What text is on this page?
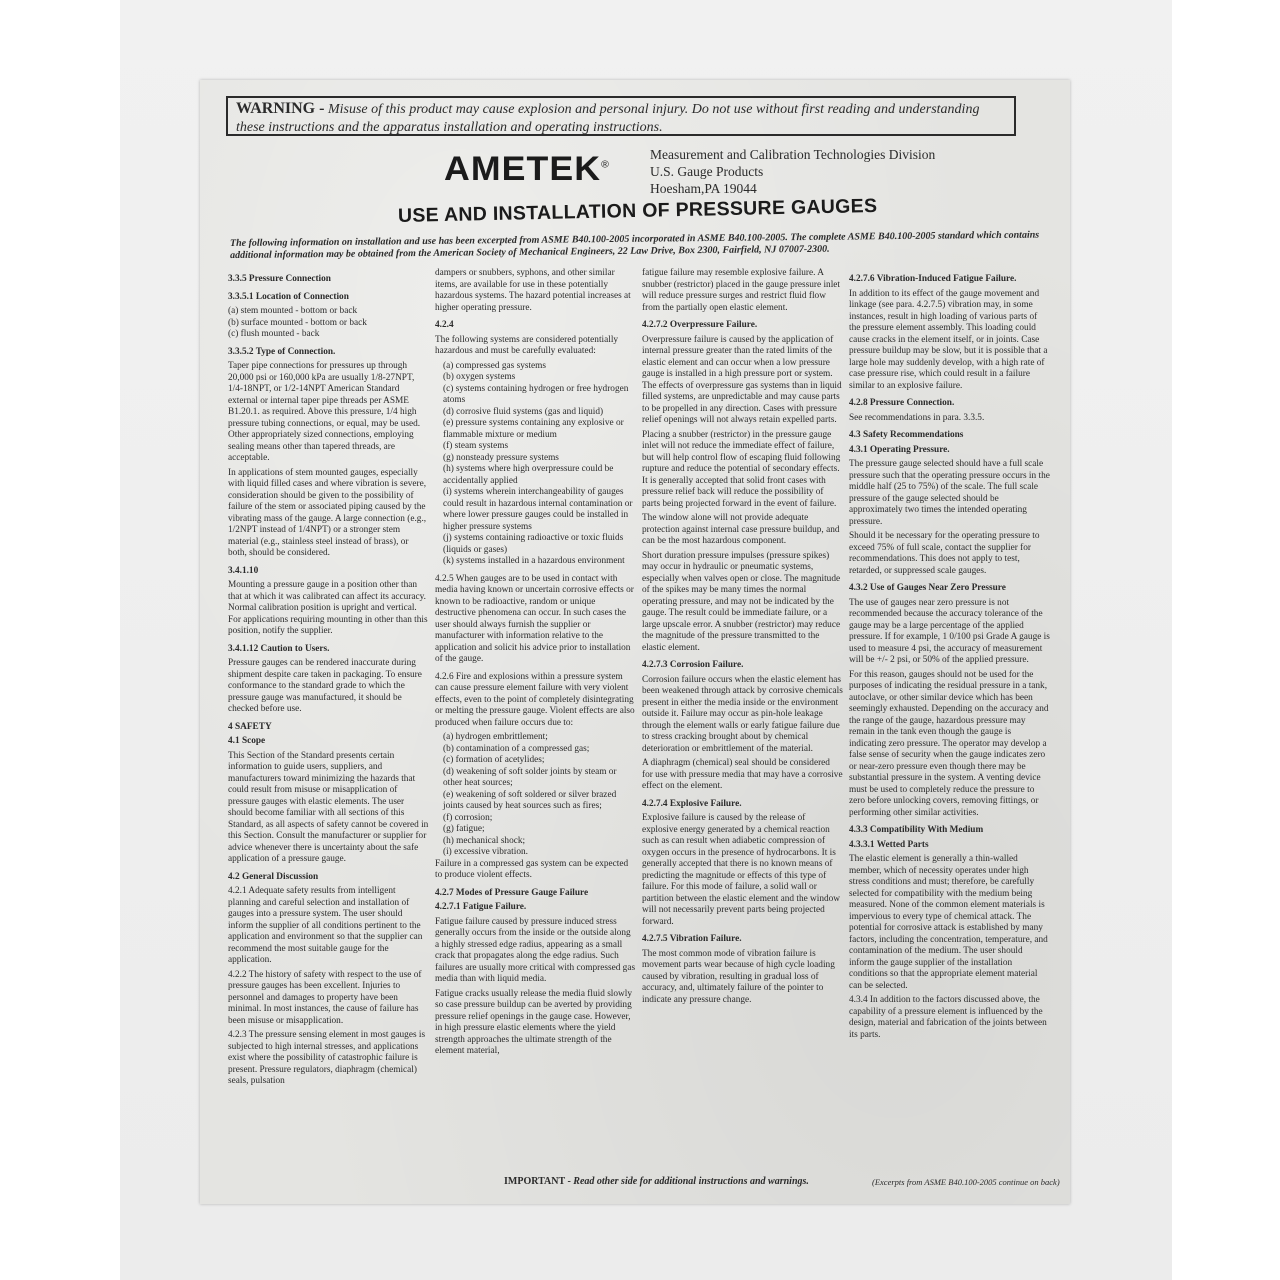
WARNING - Misuse of this product may cause explosion and personal injury. Do not use without first reading and understanding these instructions and the apparatus installation and operating instructions.
AMETEK®
Measurement and Calibration Technologies Division
U.S. Gauge Products
Hoesham,PA 19044
USE AND INSTALLATION OF PRESSURE GAUGES
The following information on installation and use has been excerpted from ASME B40.100-2005 incorporated in ASME B40.100-2005. The complete ASME B40.100-2005 standard which contains additional information may be obtained from the American Society of Mechanical Engineers, 22 Law Drive, Box 2300, Fairfield, NJ 07007-2300.

3.3.5 Pressure Connection

3.3.5.1 Location of Connection

(a) stem mounted - bottom or back

(b) surface mounted - bottom or back

(c) flush mounted - back

3.3.5.2 Type of Connection.

Taper pipe connections for pressures up through 20,000 psi or 160,000 kPa are usually 1/8-27NPT, 1/4-18NPT, or 1/2-14NPT American Standard external or internal taper pipe threads per ASME B1.20.1. as required. Above this pressure, 1/4 high pressure tubing connections, or equal, may be used. Other appropriately sized connections, employing sealing means other than tapered threads, are acceptable.

In applications of stem mounted gauges, especially with liquid filled cases and where vibration is severe, consideration should be given to the possibility of failure of the stem or associated piping caused by the vibrating mass of the gauge. A large connection (e.g., 1/2NPT instead of 1/4NPT) or a stronger stem material (e.g., stainless steel instead of brass), or both, should be considered.

3.4.1.10

Mounting a pressure gauge in a position other than that at which it was calibrated can affect its accuracy. Normal calibration position is upright and vertical. For applications requiring mounting in other than this position, notify the supplier.

3.4.1.12 Caution to Users.

Pressure gauges can be rendered inaccurate during shipment despite care taken in packaging. To ensure conformance to the standard grade to which the pressure gauge was manufactured, it should be checked before use.

4 SAFETY

4.1 Scope

This Section of the Standard presents certain information to guide users, suppliers, and manufacturers toward minimizing the hazards that could result from misuse or misapplication of pressure gauges with elastic elements. The user should become familiar with all sections of this Standard, as all aspects of safety cannot be covered in this Section. Consult the manufacturer or supplier for advice whenever there is uncertainty about the safe application of a pressure gauge.

4.2 General Discussion

4.2.1 Adequate safety results from intelligent planning and careful selection and installation of gauges into a pressure system. The user should inform the supplier of all conditions pertinent to the application and environment so that the supplier can recommend the most suitable gauge for the application.

4.2.2 The history of safety with respect to the use of pressure gauges has been excellent. Injuries to personnel and damages to property have been minimal. In most instances, the cause of failure has been misuse or misapplication.

4.2.3 The pressure sensing element in most gauges is subjected to high internal stresses, and applications exist where the possibility of catastrophic failure is present. Pressure regulators, diaphragm (chemical) seals, pulsation

dampers or snubbers, syphons, and other similar items, are available for use in these potentially hazardous systems. The hazard potential increases at higher operating pressure.

4.2.4

The following systems are considered potentially hazardous and must be carefully evaluated:

(a) compressed gas systems

(b) oxygen systems

(c) systems containing hydrogen or free hydrogen atoms

(d) corrosive fluid systems (gas and liquid)

(e) pressure systems containing any explosive or flammable mixture or medium

(f) steam systems

(g) nonsteady pressure systems

(h) systems where high overpressure could be accidentally applied

(i) systems wherein interchangeability of gauges could result in hazardous internal contamination or where lower pressure gauges could be installed in higher pressure systems

(j) systems containing radioactive or toxic fluids (liquids or gases)

(k) systems installed in a hazardous environment

4.2.5 When gauges are to be used in contact with media having known or uncertain corrosive effects or known to be radioactive, random or unique destructive phenomena can occur. In such cases the user should always furnish the supplier or manufacturer with information relative to the application and solicit his advice prior to installation of the gauge.

4.2.6 Fire and explosions within a pressure system can cause pressure element failure with very violent effects, even to the point of completely disintegrating or melting the pressure gauge. Violent effects are also produced when failure occurs due to:

(a) hydrogen embrittlement;

(b) contamination of a compressed gas;

(c) formation of acetylides;

(d) weakening of soft solder joints by steam or other heat sources;

(e) weakening of soft soldered or silver brazed joints caused by heat sources such as fires;

(f) corrosion;

(g) fatigue;

(h) mechanical shock;

(i) excessive vibration.

Failure in a compressed gas system can be expected to produce violent effects.

4.2.7 Modes of Pressure Gauge Failure

4.2.7.1 Fatigue Failure.

Fatigue failure caused by pressure induced stress generally occurs from the inside or the outside along a highly stressed edge radius, appearing as a small crack that propagates along the edge radius. Such failures are usually more critical with compressed gas media than with liquid media.

Fatigue cracks usually release the media fluid slowly so case pressure buildup can be averted by providing pressure relief openings in the gauge case. However, in high pressure elastic elements where the yield strength approaches the ultimate strength of the element material,

fatigue failure may resemble explosive failure. A snubber (restrictor) placed in the gauge pressure inlet will reduce pressure surges and restrict fluid flow from the partially open elastic element.

4.2.7.2 Overpressure Failure.

Overpressure failure is caused by the application of internal pressure greater than the rated limits of the elastic element and can occur when a low pressure gauge is installed in a high pressure port or system. The effects of overpressure gas systems than in liquid filled systems, are unpredictable and may cause parts to be propelled in any direction. Cases with pressure relief openings will not always retain expelled parts.

Placing a snubber (restrictor) in the pressure gauge inlet will not reduce the immediate effect of failure, but will help control flow of escaping fluid following rupture and reduce the potential of secondary effects. It is generally accepted that solid front cases with pressure relief back will reduce the possibility of parts being projected forward in the event of failure.

The window alone will not provide adequate protection against internal case pressure buildup, and can be the most hazardous component.

Short duration pressure impulses (pressure spikes) may occur in hydraulic or pneumatic systems, especially when valves open or close. The magnitude of the spikes may be many times the normal operating pressure, and may not be indicated by the gauge. The result could be immediate failure, or a large upscale error. A snubber (restrictor) may reduce the magnitude of the pressure transmitted to the elastic element.

4.2.7.3 Corrosion Failure.

Corrosion failure occurs when the elastic element has been weakened through attack by corrosive chemicals present in either the media inside or the environment outside it. Failure may occur as pin-hole leakage through the element walls or early fatigue failure due to stress cracking brought about by chemical deterioration or embrittlement of the material.

A diaphragm (chemical) seal should be considered for use with pressure media that may have a corrosive effect on the element.

4.2.7.4 Explosive Failure.

Explosive failure is caused by the release of explosive energy generated by a chemical reaction such as can result when adiabetic compression of oxygen occurs in the presence of hydrocarbons. It is generally accepted that there is no known means of predicting the magnitude or effects of this type of failure. For this mode of failure, a solid wall or partition between the elastic element and the window will not necessarily prevent parts being projected forward.

4.2.7.5 Vibration Failure.

The most common mode of vibration failure is movement parts wear because of high cycle loading caused by vibration, resulting in gradual loss of accuracy, and, ultimately failure of the pointer to indicate any pressure change.

4.2.7.6 Vibration-Induced Fatigue Failure.

In addition to its effect of the gauge movement and linkage (see para. 4.2.7.5) vibration may, in some instances, result in high loading of various parts of the pressure element assembly. This loading could cause cracks in the element itself, or in joints. Case pressure buildup may be slow, but it is possible that a large hole may suddenly develop, with a high rate of case pressure rise, which could result in a failure similar to an explosive failure.

4.2.8 Pressure Connection.

See recommendations in para. 3.3.5.

4.3 Safety Recommendations

4.3.1 Operating Pressure.

The pressure gauge selected should have a full scale pressure such that the operating pressure occurs in the middle half (25 to 75%) of the scale. The full scale pressure of the gauge selected should be approximately two times the intended operating pressure.

Should it be necessary for the operating pressure to exceed 75% of full scale, contact the supplier for recommendations. This does not apply to test, retarded, or suppressed scale gauges.

4.3.2 Use of Gauges Near Zero Pressure

The use of gauges near zero pressure is not recommended because the accuracy tolerance of the gauge may be a large percentage of the applied pressure. If for example, 1 0/100 psi Grade A gauge is used to measure 4 psi, the accuracy of measurement will be +/- 2 psi, or 50% of the applied pressure.

For this reason, gauges should not be used for the purposes of indicating the residual pressure in a tank, autoclave, or other similar device which has been seemingly exhausted. Depending on the accuracy and the range of the gauge, hazardous pressure may remain in the tank even though the gauge is indicating zero pressure. The operator may develop a false sense of security when the gauge indicates zero or near-zero pressure even though there may be substantial pressure in the system. A venting device must be used to completely reduce the pressure to zero before unlocking covers, removing fittings, or performing other similar activities.

4.3.3 Compatibility With Medium

4.3.3.1 Wetted Parts

The elastic element is generally a thin-walled member, which of necessity operates under high stress conditions and must; therefore, be carefully selected for compatibility with the medium being measured. None of the common element materials is impervious to every type of chemical attack. The potential for corrosive attack is established by many factors, including the concentration, temperature, and contamination of the medium. The user should inform the gauge supplier of the installation conditions so that the appropriate element material can be selected.

4.3.4 In addition to the factors discussed above, the capability of a pressure element is influenced by the design, material and fabrication of the joints between its parts.

IMPORTANT - Read other side for additional instructions and warnings.	(Excerpts from ASME B40.100-2005 continue on back)
